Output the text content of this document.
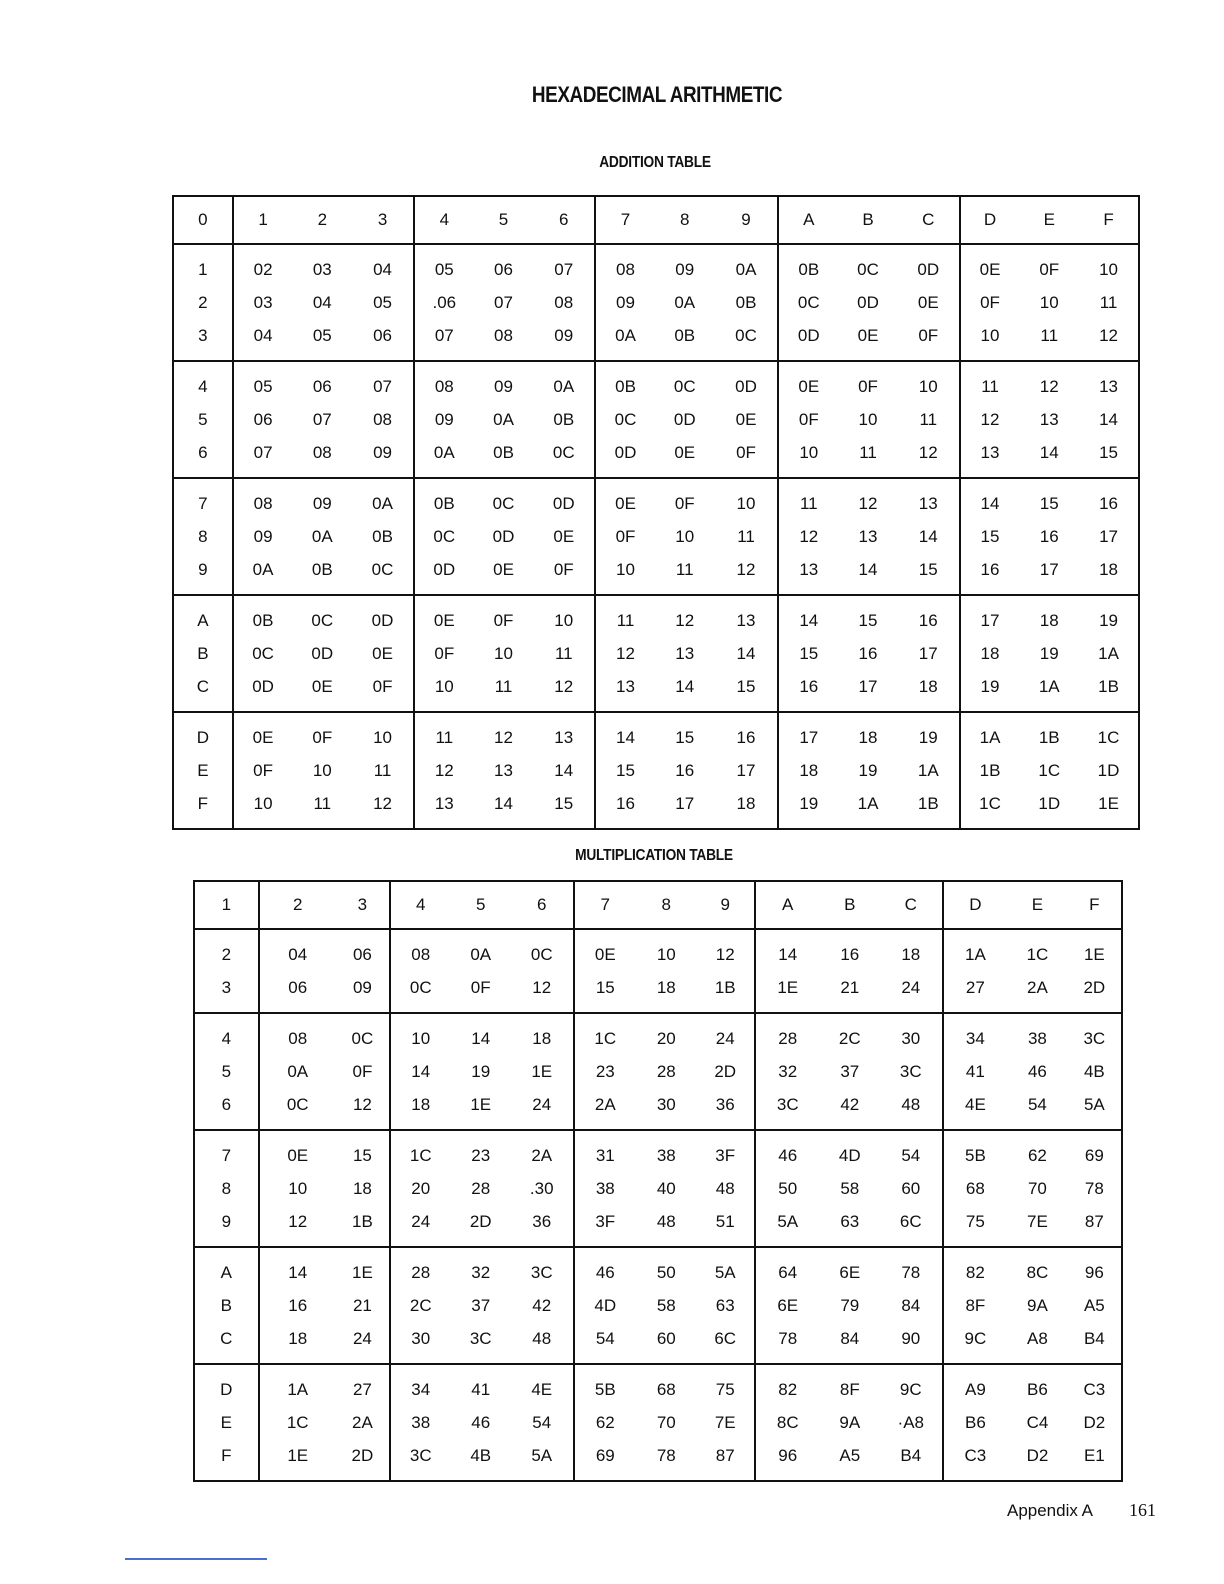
HEXADECIMAL ARITHMETIC
ADDITION TABLE
0	1	2	3	4	5	6	7	8	9	A	B	C	D	E	F
1	02	03	04	05	06	07	08	09	0A	0B	0C	0D	0E	0F	10
2	03	04	05	.06	07	08	09	0A	0B	0C	0D	0E	0F	10	11
3	04	05	06	07	08	09	0A	0B	0C	0D	0E	0F	10	11	12
4	05	06	07	08	09	0A	0B	0C	0D	0E	0F	10	11	12	13
5	06	07	08	09	0A	0B	0C	0D	0E	0F	10	11	12	13	14
6	07	08	09	0A	0B	0C	0D	0E	0F	10	11	12	13	14	15
7	08	09	0A	0B	0C	0D	0E	0F	10	11	12	13	14	15	16
8	09	0A	0B	0C	0D	0E	0F	10	11	12	13	14	15	16	17
9	0A	0B	0C	0D	0E	0F	10	11	12	13	14	15	16	17	18
A	0B	0C	0D	0E	0F	10	11	12	13	14	15	16	17	18	19
B	0C	0D	0E	0F	10	11	12	13	14	15	16	17	18	19	1A
C	0D	0E	0F	10	11	12	13	14	15	16	17	18	19	1A	1B
D	0E	0F	10	11	12	13	14	15	16	17	18	19	1A	1B	1C
E	0F	10	11	12	13	14	15	16	17	18	19	1A	1B	1C	1D
F	10	11	12	13	14	15	16	17	18	19	1A	1B	1C	1D	1E
MULTIPLICATION TABLE
1	2	3	4	5	6	7	8	9	A	B	C	D	E	F
2	04	06	08	0A	0C	0E	10	12	14	16	18	1A	1C	1E
3	06	09	0C	0F	12	15	18	1B	1E	21	24	27	2A	2D
4	08	0C	10	14	18	1C	20	24	28	2C	30	34	38	3C
5	0A	0F	14	19	1E	23	28	2D	32	37	3C	41	46	4B
6	0C	12	18	1E	24	2A	30	36	3C	42	48	4E	54	5A
7	0E	15	1C	23	2A	31	38	3F	46	4D	54	5B	62	69
8	10	18	20	28	.30	38	40	48	50	58	60	68	70	78
9	12	1B	24	2D	36	3F	48	51	5A	63	6C	75	7E	87
A	14	1E	28	32	3C	46	50	5A	64	6E	78	82	8C	96
B	16	21	2C	37	42	4D	58	63	6E	79	84	8F	9A	A5
C	18	24	30	3C	48	54	60	6C	78	84	90	9C	A8	B4
D	1A	27	34	41	4E	5B	68	75	82	8F	9C	A9	B6	C3
E	1C	2A	38	46	54	62	70	7E	8C	9A	·A8	B6	C4	D2
F	1E	2D	3C	4B	5A	69	78	87	96	A5	B4	C3	D2	E1
Appendix A 161
